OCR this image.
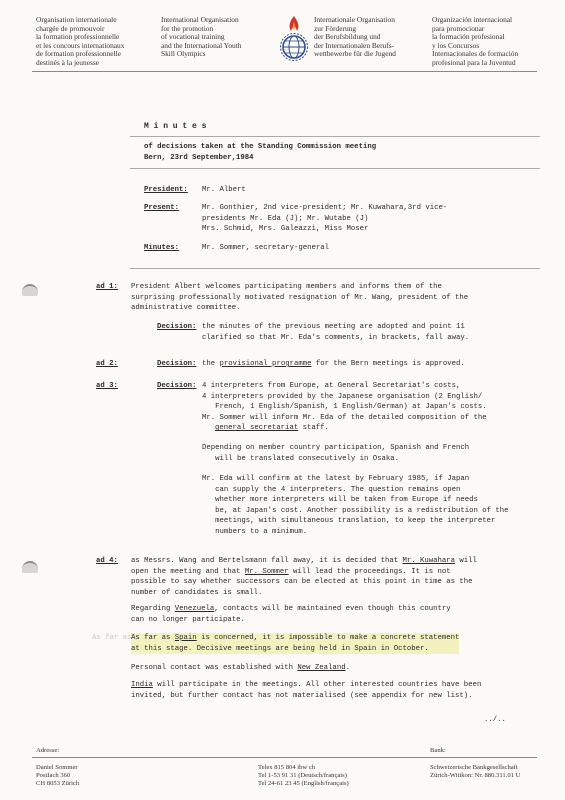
Organisation internationale
chargée de promouvoir
la formation professionnelle
et les concours internationaux
de formation professionnelle
destinés à la jeunesse
International Organisation
for the promotion
of vocational training
and the International Youth
Skill Olympics
Internationale Organisation
zur Förderung
der Berufsbildung und
der Internationalen Berufs-
wettbewerbe für die Jugend
Organización internacional
para promocionar
la formación profesional
y los Concursos
Internacionales de formación
profesional para la Juventud
M i n u t e s
of decisions taken at the Standing Commission meeting
Bern, 23rd September,1984
President: Mr. Albert
Present:	Mr. Gonthier, 2nd vice-president; Mr. Kuwahara,3rd vice-
presidents Mr. Eda (J); Mr. Wutabe (J)
Mrs. Schmid, Mrs. Galeazzi, Miss Moser
Minutes:	Mr. Sommer, secretary-general
ad 1: President Albert welcomes participating members and informs them of the
surprising professionally motivated resignation of Mr. Wang, president of the
administrative committee.
Decision: the minutes of the previous meeting are adopted and point 11
clarified so that Mr. Eda's comments, in brackets, fall away.
ad 2:	Decision: the provisional programme for the Bern meetings is approved.
ad 3:	Decision: 4 interpreters from Europe, at General Secretariat's costs,
4 interpreters provided by the Japanese organisation (2 English/
French, 1 English/Spanish, 1 English/German) at Japan's costs.
Mr. Sommer will inform Mr. Eda of the detailed composition of the
general secretariat staff.
Depending on member country participation, Spanish and French
will be translated consecutively in Osaka.
Mr. Eda will confirm at the latest by February 1985, if Japan
can supply the 4 interpreters. The question remains open
whether more interpreters will be taken from Europe if needs
be, at Japan's cost. Another possibility is a redistribution of the
meetings, with simultaneous translation, to keep the interpreter
numbers to a minimum.
ad 4: as Messrs. Wang and Bertelsmann fall away, it is decided that Mr. Kuwahara will
open the meeting and that Mr. Sommer will lead the proceedings. It is not
possible to say whether successors can be elected at this point in time as the
number of candidates is small.
Regarding Venezuela, contacts will be maintained even though this country
can no longer participate.
As far as As far as Spain is concerned, it is impossible to make a concrete statement
at this stage. Decisive meetings are being held in Spain in October.
Personal contact was established with New Zealand.
India will participate in the meetings. All other interested countries have been
invited, but further contact has not materialised (see appendix for new list).
../..
Adresse:
Daniel Sommer
Postfach 360
CH 8053 Zürich
Telex 815 804 ibw ch
Tel 1-53 91 31 (Deutsch/français)
Tel 24-61 23 45 (English/français)
Bank:
Schweizerische Bankgesellschaft
Zürich-Witikon: Nr. 880.311.01 U
